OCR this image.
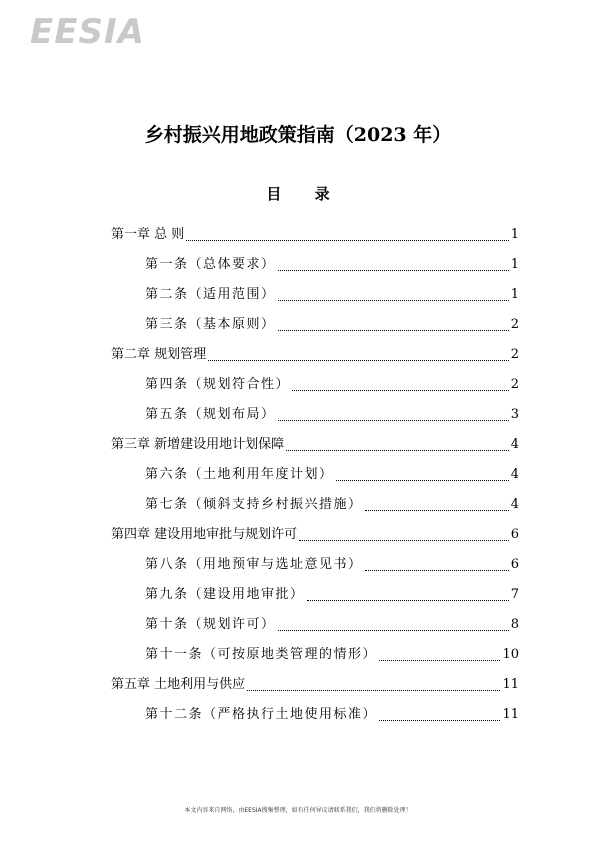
EESIA
乡村振兴用地政策指南（2023 年）
目 录
第一章 总 则	1
第一条（总体要求）	1
第二条（适用范围）	1
第三条（基本原则）	2
第二章 规划管理	2
第四条（规划符合性）	2
第五条（规划布局）	3
第三章 新增建设用地计划保障	4
第六条（土地利用年度计划）	4
第七条（倾斜支持乡村振兴措施）	4
第四章 建设用地审批与规划许可	6
第八条（用地预审与选址意见书）	6
第九条（建设用地审批）	7
第十条（规划许可）	8
第十一条（可按原地类管理的情形）	10
第五章 土地利用与供应	11
第十二条（严格执行土地使用标准）	11
本文内容来自网络，由EESIA搜集整理，如有任何异议请联系我们，我们将删除处理！
